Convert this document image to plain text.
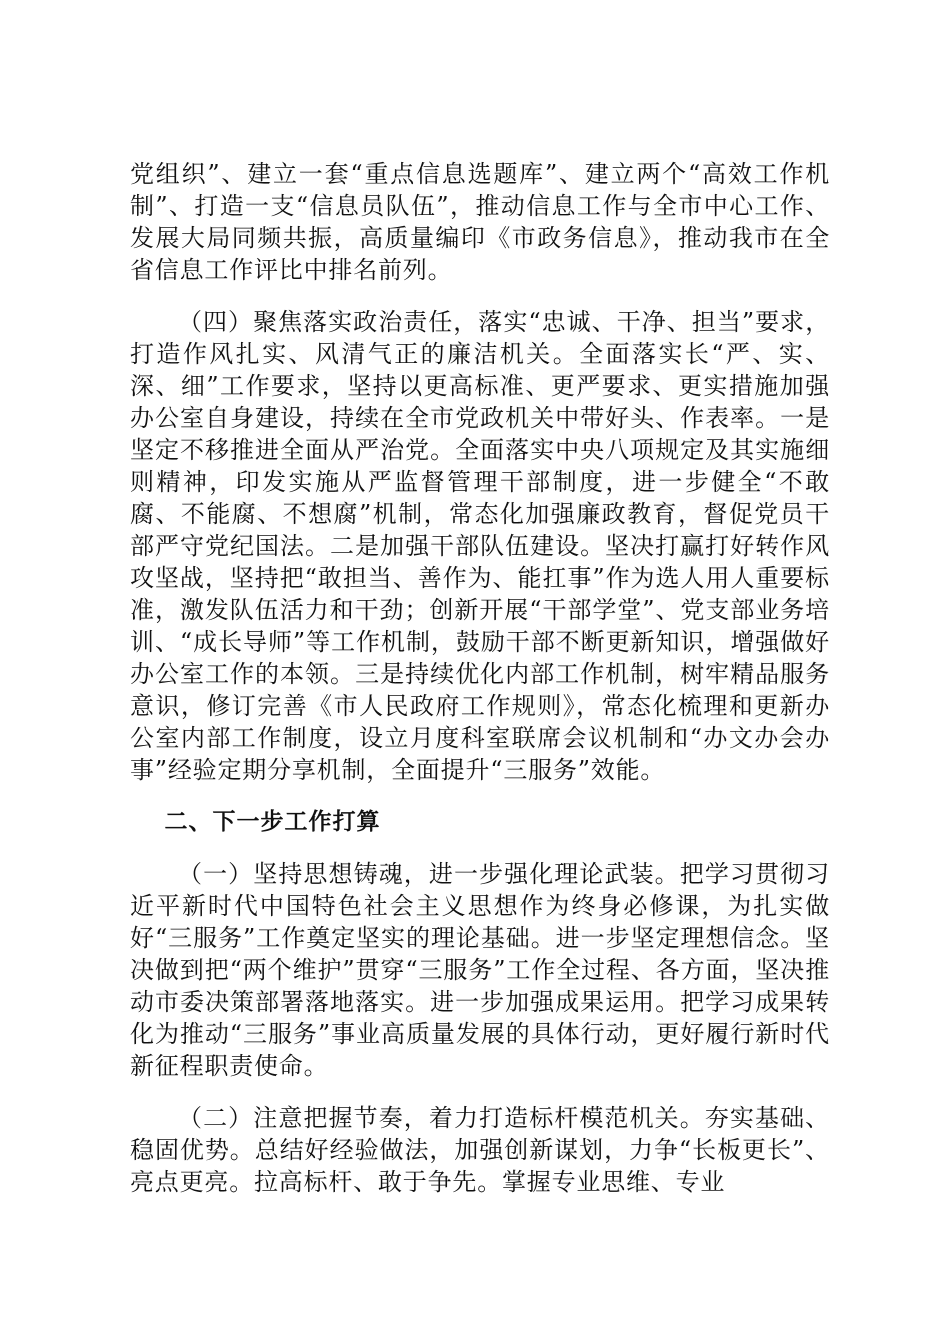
党组织”、建立一套“重点信息选题库”、建立两个“高效工作机制”、打造一支“信息员队伍”，推动信息工作与全市中心工作、发展大局同频共振，高质量编印《市政务信息》，推动我市在全省信息工作评比中排名前列。

（四）聚焦落实政治责任，落实“忠诚、干净、担当”要求，打造作风扎实、风清气正的廉洁机关。全面落实长“严、实、深、细”工作要求，坚持以更高标准、更严要求、更实措施加强办公室自身建设，持续在全市党政机关中带好头、作表率。一是坚定不移推进全面从严治党。全面落实中央八项规定及其实施细则精神，印发实施从严监督管理干部制度，进一步健全“不敢腐、不能腐、不想腐”机制，常态化加强廉政教育，督促党员干部严守党纪国法。二是加强干部队伍建设。坚决打赢打好转作风攻坚战，坚持把“敢担当、善作为、能扛事”作为选人用人重要标准，激发队伍活力和干劲；创新开展“干部学堂”、党支部业务培训、“成长导师”等工作机制，鼓励干部不断更新知识，增强做好办公室工作的本领。三是持续优化内部工作机制，树牢精品服务意识，修订完善《市人民政府工作规则》，常态化梳理和更新办公室内部工作制度，设立月度科室联席会议机制和“办文办会办事”经验定期分享机制，全面提升“三服务”效能。

二、下一步工作打算

（一）坚持思想铸魂，进一步强化理论武装。把学习贯彻习近平新时代中国特色社会主义思想作为终身必修课，为扎实做好“三服务”工作奠定坚实的理论基础。进一步坚定理想信念。坚决做到把“两个维护”贯穿“三服务”工作全过程、各方面，坚决推动市委决策部署落地落实。进一步加强成果运用。把学习成果转化为推动“三服务”事业高质量发展的具体行动，更好履行新时代新征程职责使命。

（二）注意把握节奏，着力打造标杆模范机关。夯实基础、稳固优势。总结好经验做法，加强创新谋划，力争“长板更长”、亮点更亮。拉高标杆、敢于争先。掌握专业思维、专业
